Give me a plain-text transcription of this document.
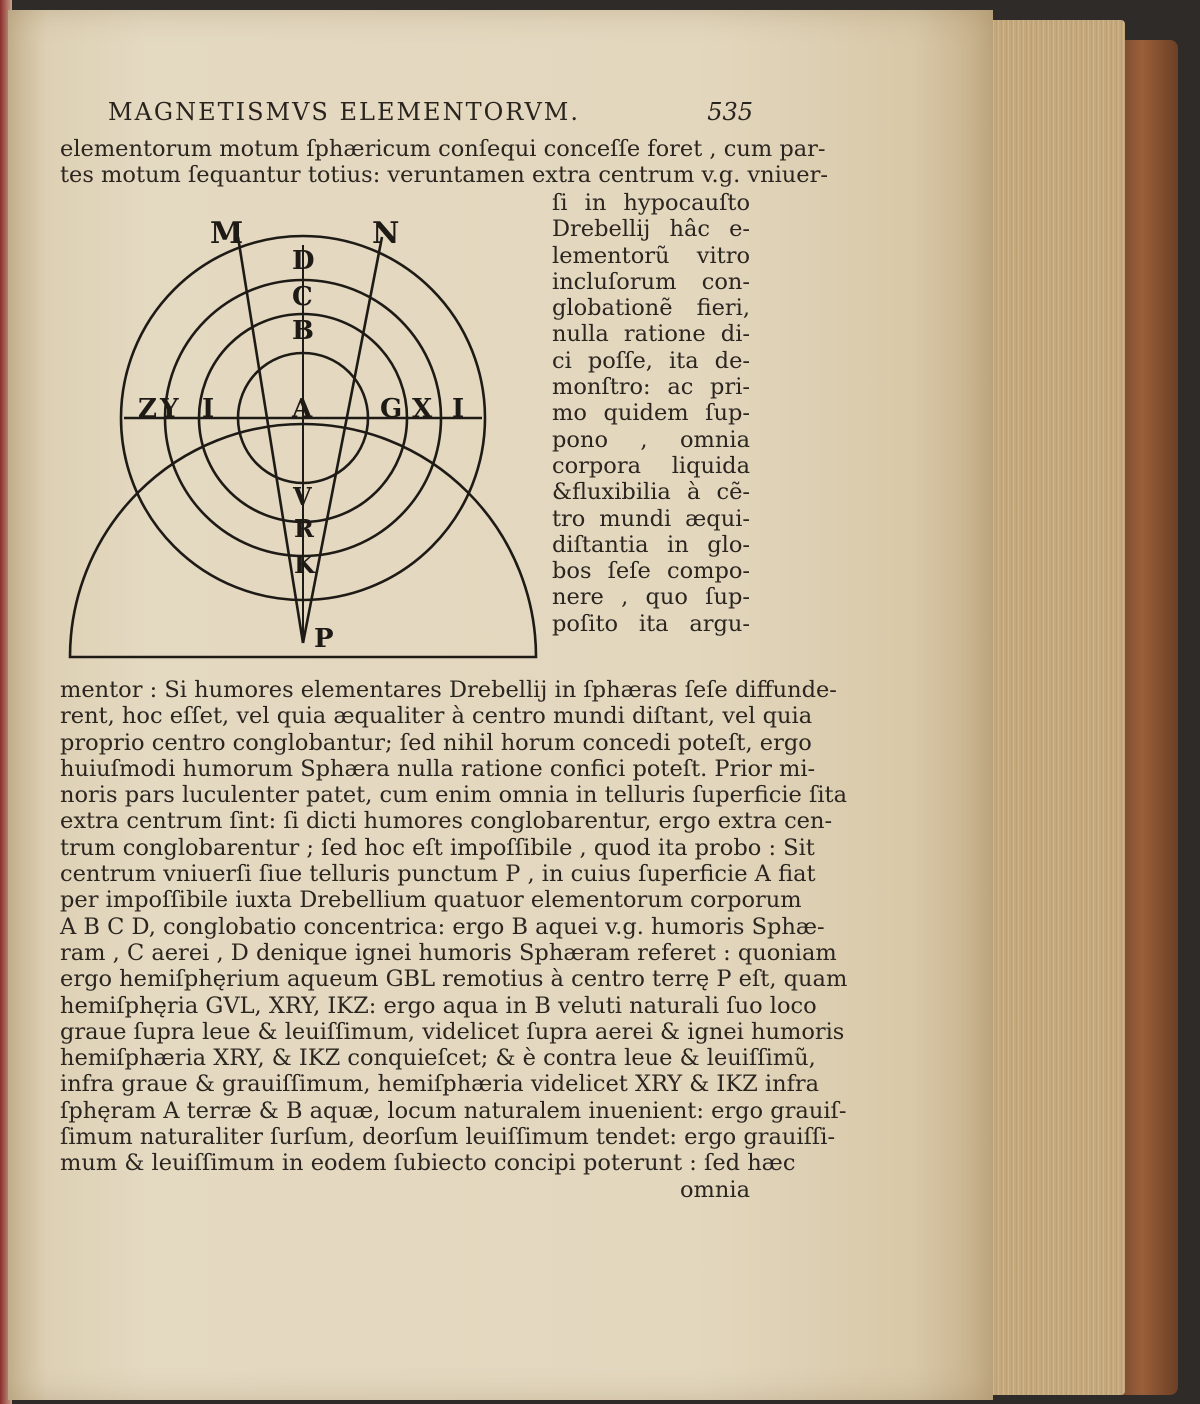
MAGNETISMVS ELEMENTORVM.	535
elementorum motum ſphæricum conſequi conceſſe foret , cum par-
tes motum ſequantur totius: veruntamen extra centrum v.g. vniuer-
ſi in hypocauſto
Drebellij hâc e-
lementorũ vitro
incluſorum con-
globationẽ fieri,
nulla ratione di-
ci poſſe, ita de-
monſtro: ac pri-
mo quidem ſup-
pono , omnia
corpora liquida
&fluxibilia à cẽ-
tro mundi æqui-
diſtantia in glo-
bos ſeſe compo-
nere , quo ſup-
poſito ita argu-
M	N
D
C
B
Z Y I	A	G X I
V
R
K
P
mentor : Si humores elementares Drebellij in ſphæras ſeſe diffunde-
rent, hoc eſſet, vel quia æqualiter à centro mundi diſtant, vel quia
proprio centro conglobantur; ſed nihil horum concedi poteſt, ergo
huiuſmodi humorum Sphæra nulla ratione confici poteſt. Prior mi-
noris pars luculenter patet, cum enim omnia in telluris ſuperficie ſita
extra centrum ſint: ſi dicti humores conglobarentur, ergo extra cen-
trum conglobarentur ; ſed hoc eſt impoſſibile , quod ita probo : Sit
centrum vniuerſi ſiue telluris punctum P , in cuius ſuperficie A fiat
per impoſſibile iuxta Drebellium quatuor elementorum corporum
A B C D, conglobatio concentrica: ergo B aquei v.g. humoris Sphæ-
ram , C aerei , D denique ignei humoris Sphæram referet : quoniam
ergo hemiſphęrium aqueum GBL remotius à centro terrę P eſt, quam
hemiſphęria GVL, XRY, IKZ: ergo aqua in B veluti naturali ſuo loco
graue ſupra leue & leuiſſimum, videlicet ſupra aerei & ignei humoris
hemiſphæria XRY, & IKZ conquieſcet; & è contra leue & leuiſſimũ,
infra graue & grauiſſimum, hemiſphæria videlicet XRY & IKZ infra
ſphęram A terræ & B aquæ, locum naturalem inuenient: ergo grauiſ-
ſimum naturaliter ſurſum, deorſum leuiſſimum tendet: ergo grauiſſi-
mum & leuiſſimum in eodem ſubiecto concipi poterunt : ſed hæc
omnia
